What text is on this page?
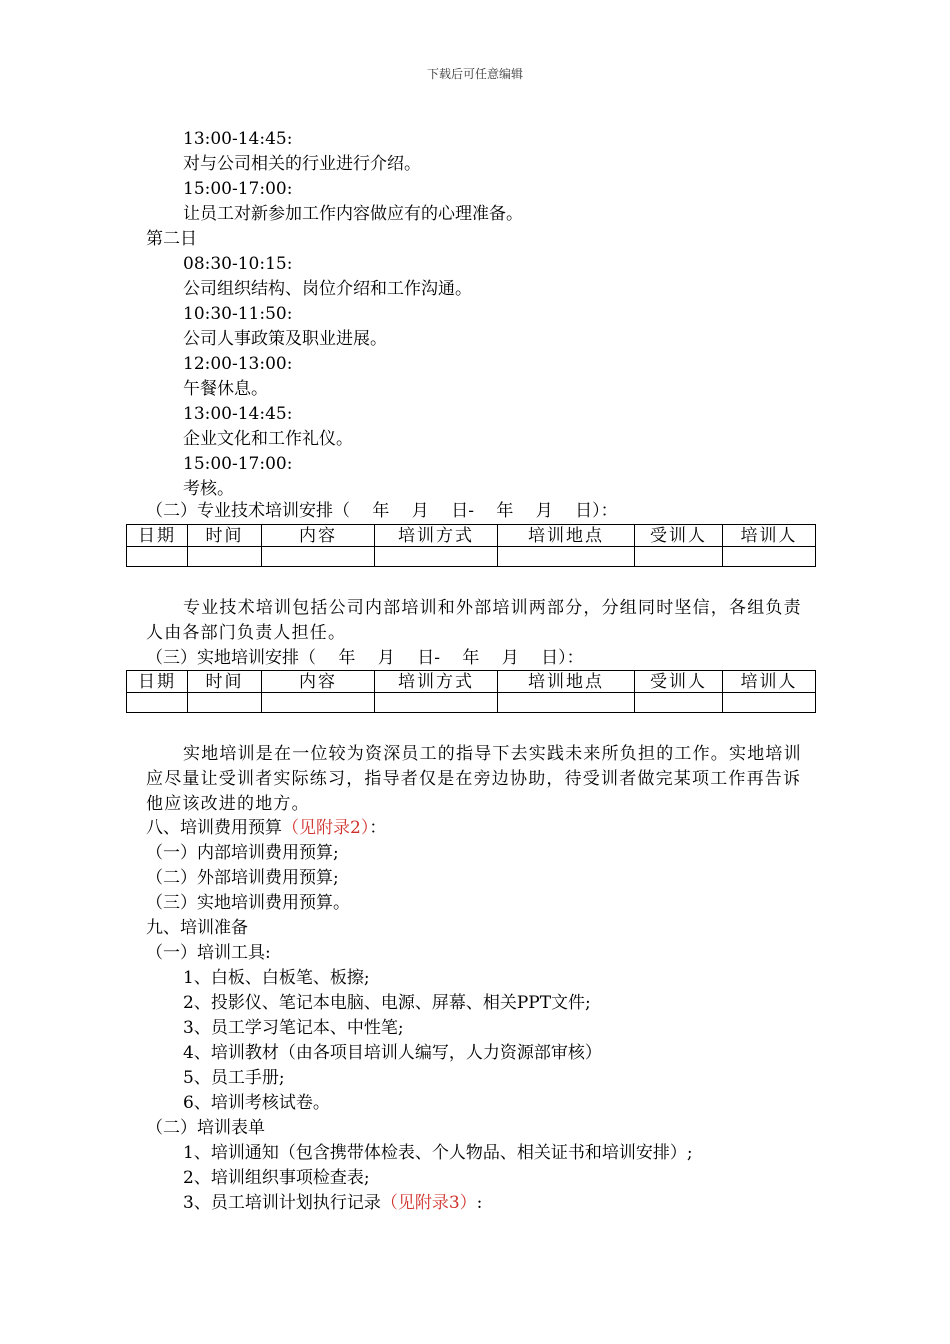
下载后可任意编辑
13:00-14:45:
对与公司相关的行业进行介绍。
15:00-17:00:
让员工对新参加工作内容做应有的心理准备。
第二日
08:30-10:15:
公司组织结构、岗位介绍和工作沟通。
10:30-11:50:
公司人事政策及职业进展。
12:00-13:00:
午餐休息。
13:00-14:45:
企业文化和工作礼仪。
15:00-17:00:
考核。
（二）专业技术培训安排（　 年　 月　 日-　 年　 月　 日）：
日期	时间	内容	培训方式	培训地点	受训人	培训人

专业技术培训包括公司内部培训和外部培训两部分，分组同时坚信，各组负责人由各部门负责人担任。
（三）实地培训安排（　 年　 月　 日-　 年　 月　 日）：
日期	时间	内容	培训方式	培训地点	受训人	培训人

实地培训是在一位较为资深员工的指导下去实践未来所负担的工作。实地培训应尽量让受训者实际练习，指导者仅是在旁边协助，待受训者做完某项工作再告诉他应该改进的地方。
八、培训费用预算（见附录2）：
（一）内部培训费用预算;
（二）外部培训费用预算;
（三）实地培训费用预算。
九、培训准备
（一）培训工具:
1、白板、白板笔、板擦;
2、投影仪、笔记本电脑、电源、屏幕、相关PPT文件;
3、员工学习笔记本、中性笔;
4、培训教材（由各项目培训人编写，人力资源部审核）
5、员工手册;
6、培训考核试卷。
（二）培训表单
1、培训通知（包含携带体检表、个人物品、相关证书和培训安排）;
2、培训组织事项检查表;
3、员工培训计划执行记录（见附录3）:
